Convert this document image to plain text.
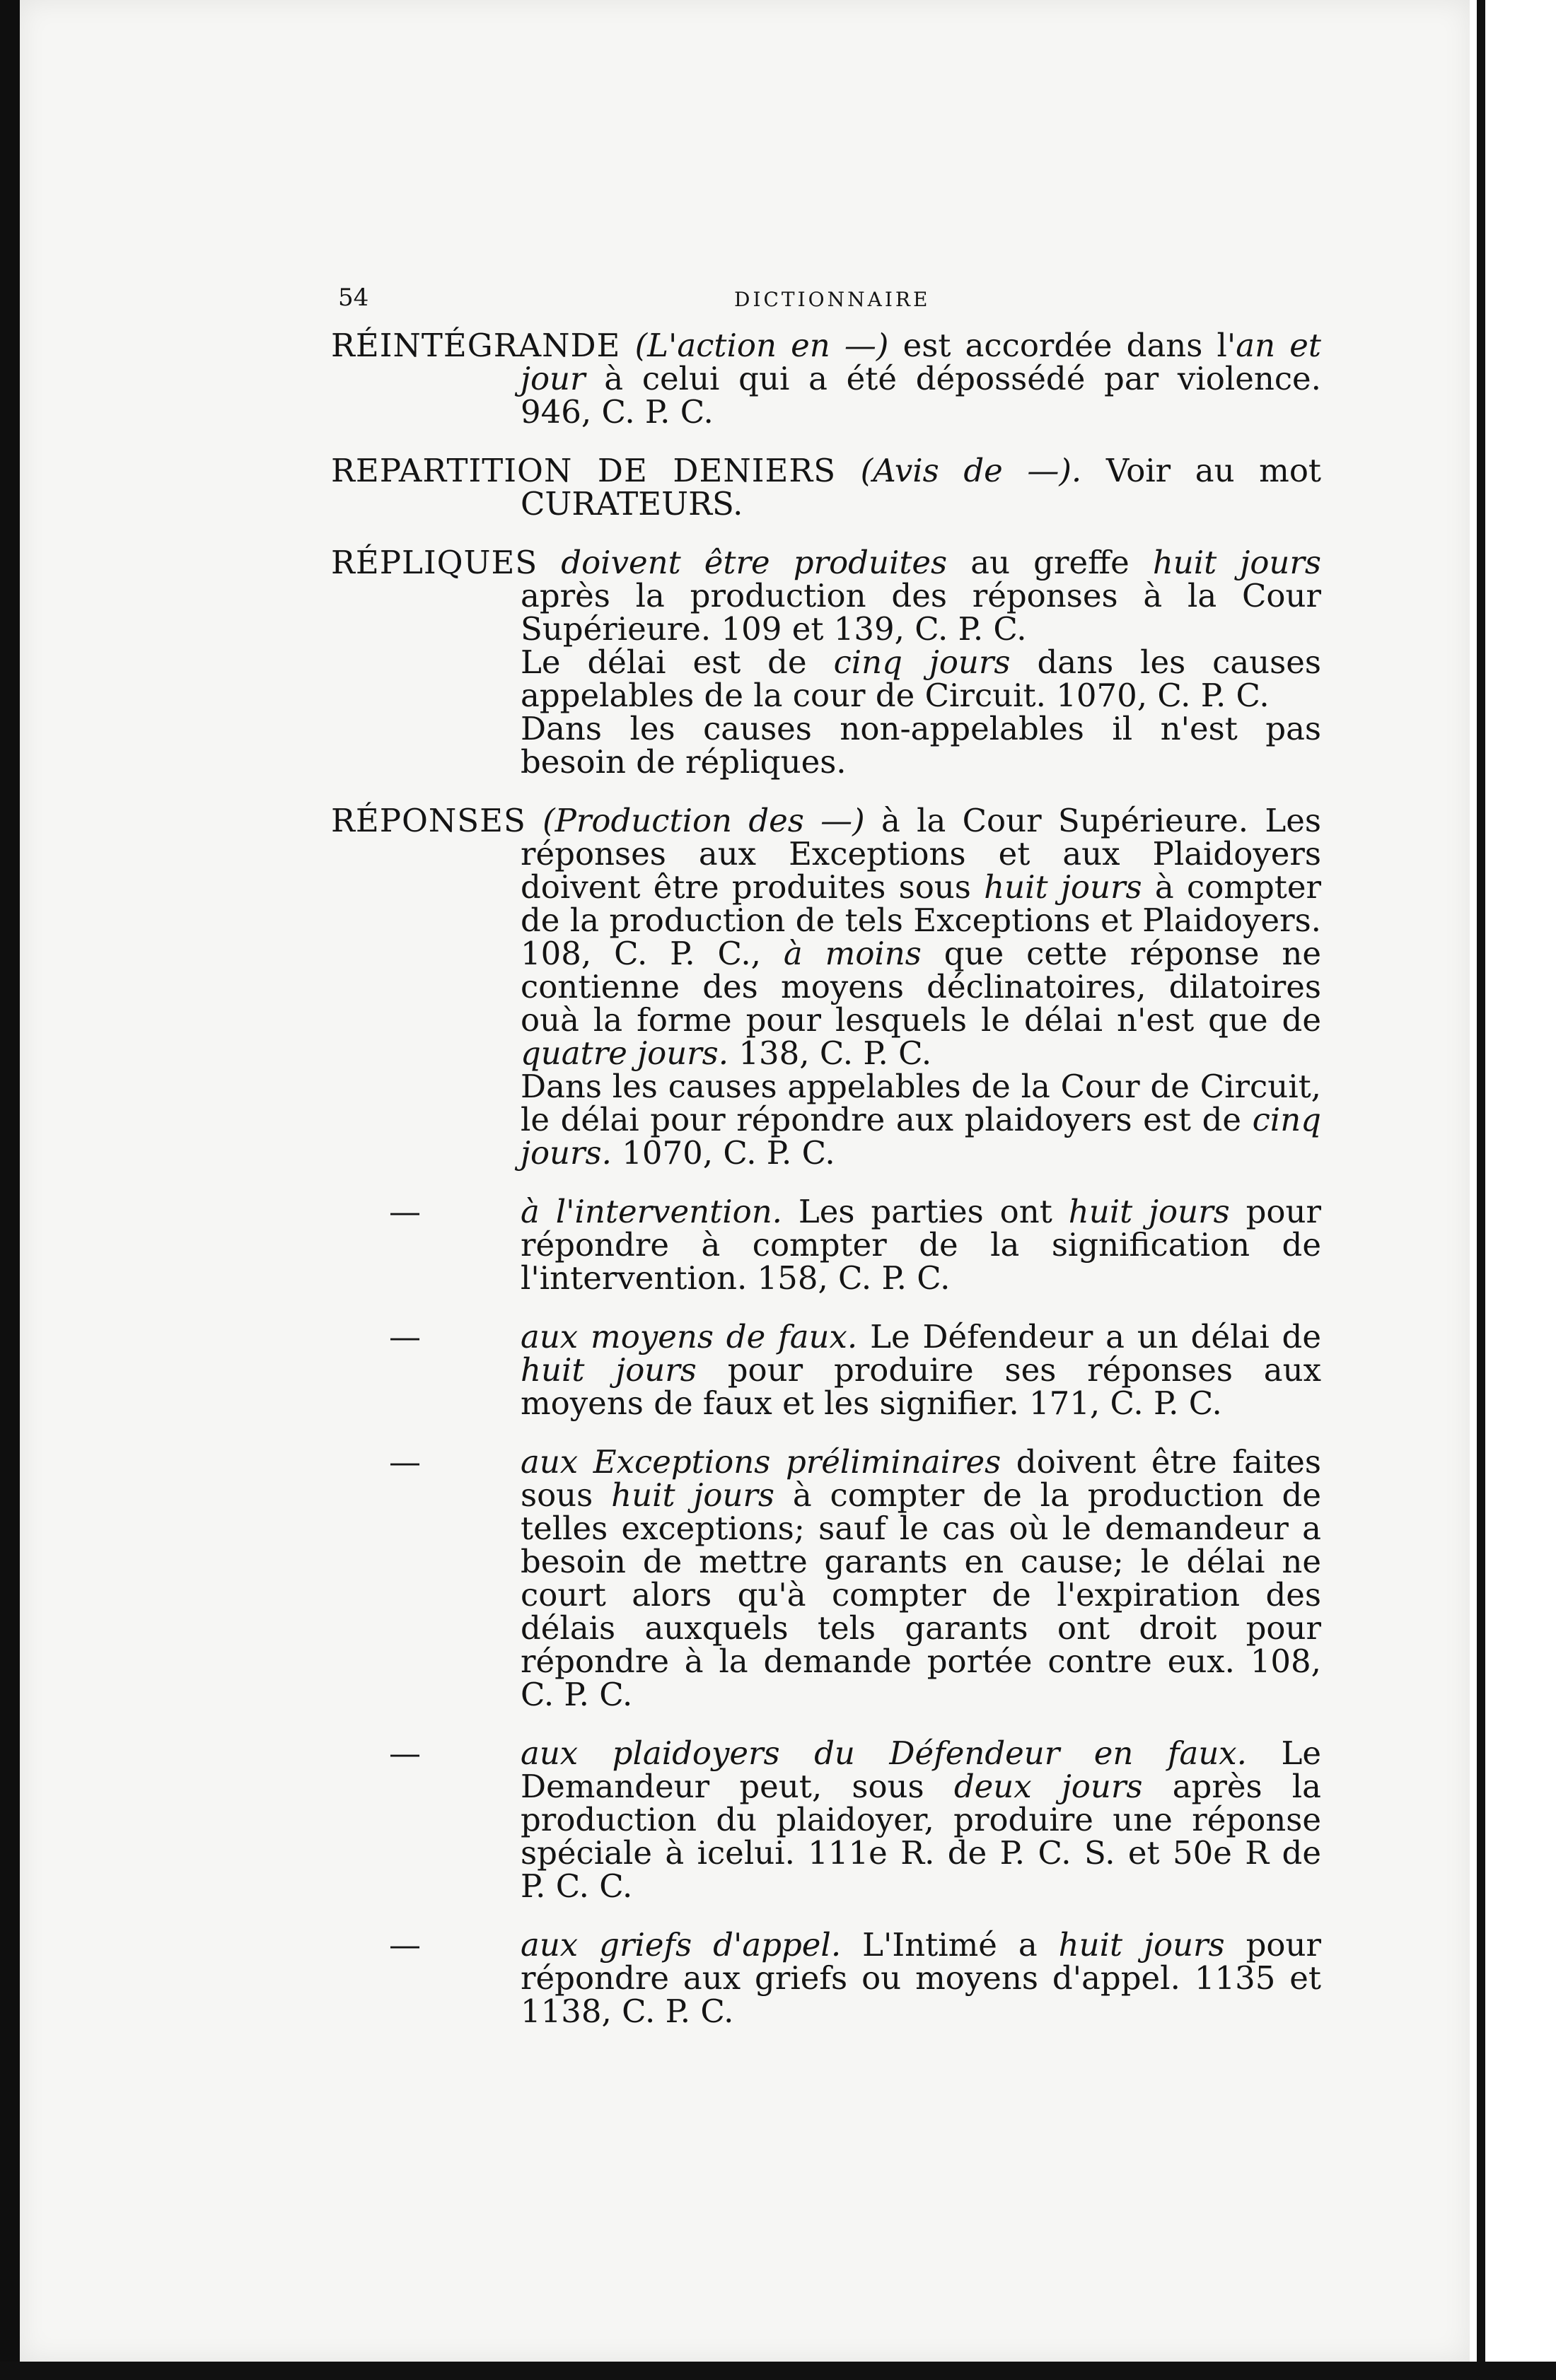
54	DICTIONNAIRE
RÉINTÉGRANDE (L'action en —) est accordée dans l'an et jour à celui qui a été dépossédé par violence. 946, C. P. C.
REPARTITION DE DENIERS (Avis de —). Voir au mot CURATEURS.
RÉPLIQUES doivent être produites au greffe huit jours après la production des réponses à la Cour Supérieure. 109 et 139, C. P. C.

Le délai est de cinq jours dans les causes appelables de la cour de Circuit. 1070, C. P. C.

Dans les causes non-appelables il n'est pas besoin de répliques.

RÉPONSES (Production des —) à la Cour Supérieure. Les réponses aux Exceptions et aux Plaidoyers doivent être produites sous huit jours à compter de la production de tels Exceptions et Plaidoyers. 108, C. P. C., à moins que cette réponse ne contienne des moyens déclinatoires, dilatoires ouà la forme pour lesquels le délai n'est que de quatre jours. 138, C. P. C.

Dans les causes appelables de la Cour de Circuit, le délai pour répondre aux plaidoyers est de cinq jours. 1070, C. P. C.

—	à l'intervention. Les parties ont huit jours pour répondre à compter de la signification de l'intervention. 158, C. P. C.
—	aux moyens de faux. Le Défendeur a un délai de huit jours pour produire ses réponses aux moyens de faux et les signifier. 171, C. P. C.
—	aux Exceptions préliminaires doivent être faites sous huit jours à compter de la production de telles exceptions; sauf le cas où le demandeur a besoin de mettre garants en cause; le délai ne court alors qu'à compter de l'expiration des délais auxquels tels garants ont droit pour répondre à la demande portée contre eux. 108, C. P. C.
—	aux plaidoyers du Défendeur en faux. Le Demandeur peut, sous deux jours après la production du plaidoyer, produire une réponse spéciale à icelui. 111e R. de P. C. S. et 50e R de P. C. C.
—	aux griefs d'appel. L'Intimé a huit jours pour répondre aux griefs ou moyens d'appel. 1135 et 1138, C. P. C.
